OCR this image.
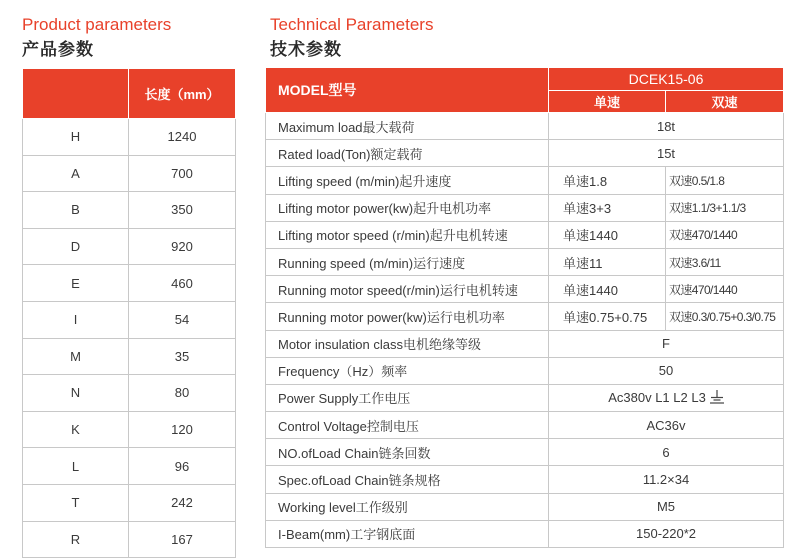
Product parameters
产品参数
Technical Parameters
技术参数
	长度（mm）
H	1240
A	700
B	350
D	920
E	460
I	54
M	35
N	80
K	120
L	96
T	242
R	167
MODEL型号	DCEK15-06	
	单速	双速
Maximum load最大载荷	18t	
Rated load(Ton)额定载荷	15t	
Lifting speed (m/min)起升速度	单速1.8	双速0.5/1.8
Lifting motor power(kw)起升电机功率	单速3+3	双速1.1/3+1.1/3
Lifting motor speed (r/min)起升电机转速	单速1440	双速470/1440
Running speed (m/min)运行速度	单速11	双速3.6/11
Running motor speed(r/min)运行电机转速	单速1440	双速470/1440
Running motor power(kw)运行电机功率	单速0.75+0.75	双速0.3/0.75+0.3/0.75
Motor insulation class电机绝缘等级	F	
Frequency（Hz）频率	50	
Power Supply工作电压	Ac380v L1 L2 L3	
Control Voltage控制电压	AC36v	
NO.ofLoad Chain链条回数	6	
Spec.ofLoad Chain链条规格	11.2×34	
Working level工作级别	M5	
I-Beam(mm)工字钢底面	150-220*2	
